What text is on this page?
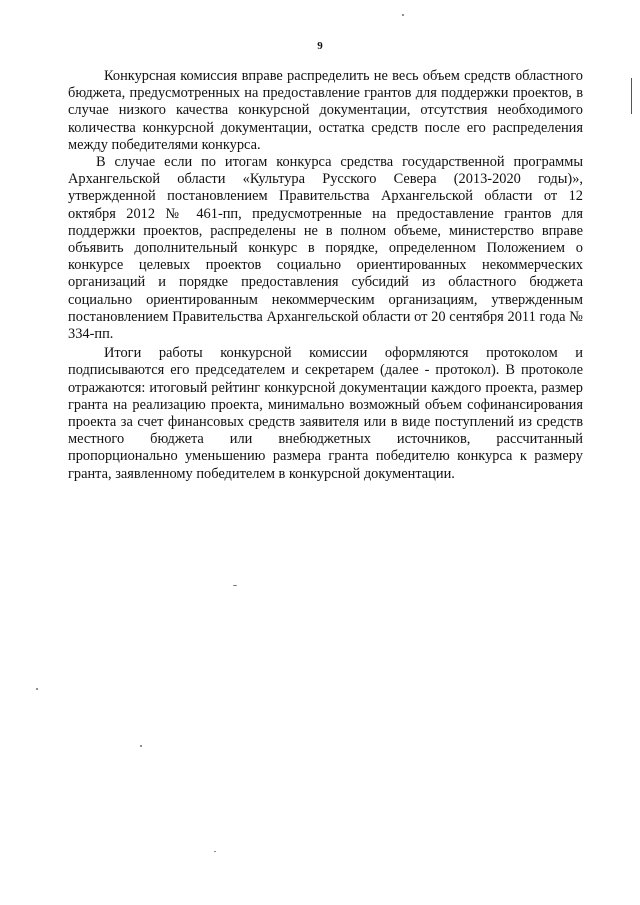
9

Конкурсная комиссия вправе распределить не весь объем средств областного бюджета, предусмотренных на предоставление грантов для поддержки проектов, в случае низкого качества конкурсной документации, отсутствия необходимого количества конкурсной документации, остатка средств после его распределения между победителями конкурса.

В случае если по итогам конкурса средства государственной программы Архангельской области «Культура Русского Севера (2013-2020 годы)», утвержденной постановлением Правительства Архангельской области от 12 октября 2012 № 461-пп, предусмотренные на предоставление грантов для поддержки проектов, распределены не в полном объеме, министерство вправе объявить дополнительный конкурс в порядке, определенном Положением о конкурсе целевых проектов социально ориентированных некоммерческих организаций и порядке предоставления субсидий из областного бюджета социально ориентированным некоммерческим организациям, утвержденным постановлением Правительства Архангельской области от 20 сентября 2011 года № 334-пп.

Итоги работы конкурсной комиссии оформляются протоколом и подписываются его председателем и секретарем (далее - протокол). В протоколе отражаются: итоговый рейтинг конкурсной документации каждого проекта, размер гранта на реализацию проекта, минимально возможный объем софинансирования проекта за счет финансовых средств заявителя или в виде поступлений из средств местного бюджета или внебюджетных источников, рассчитанный пропорционально уменьшению размера гранта победителю конкурса к размеру гранта, заявленному победителем в конкурсной документации.
